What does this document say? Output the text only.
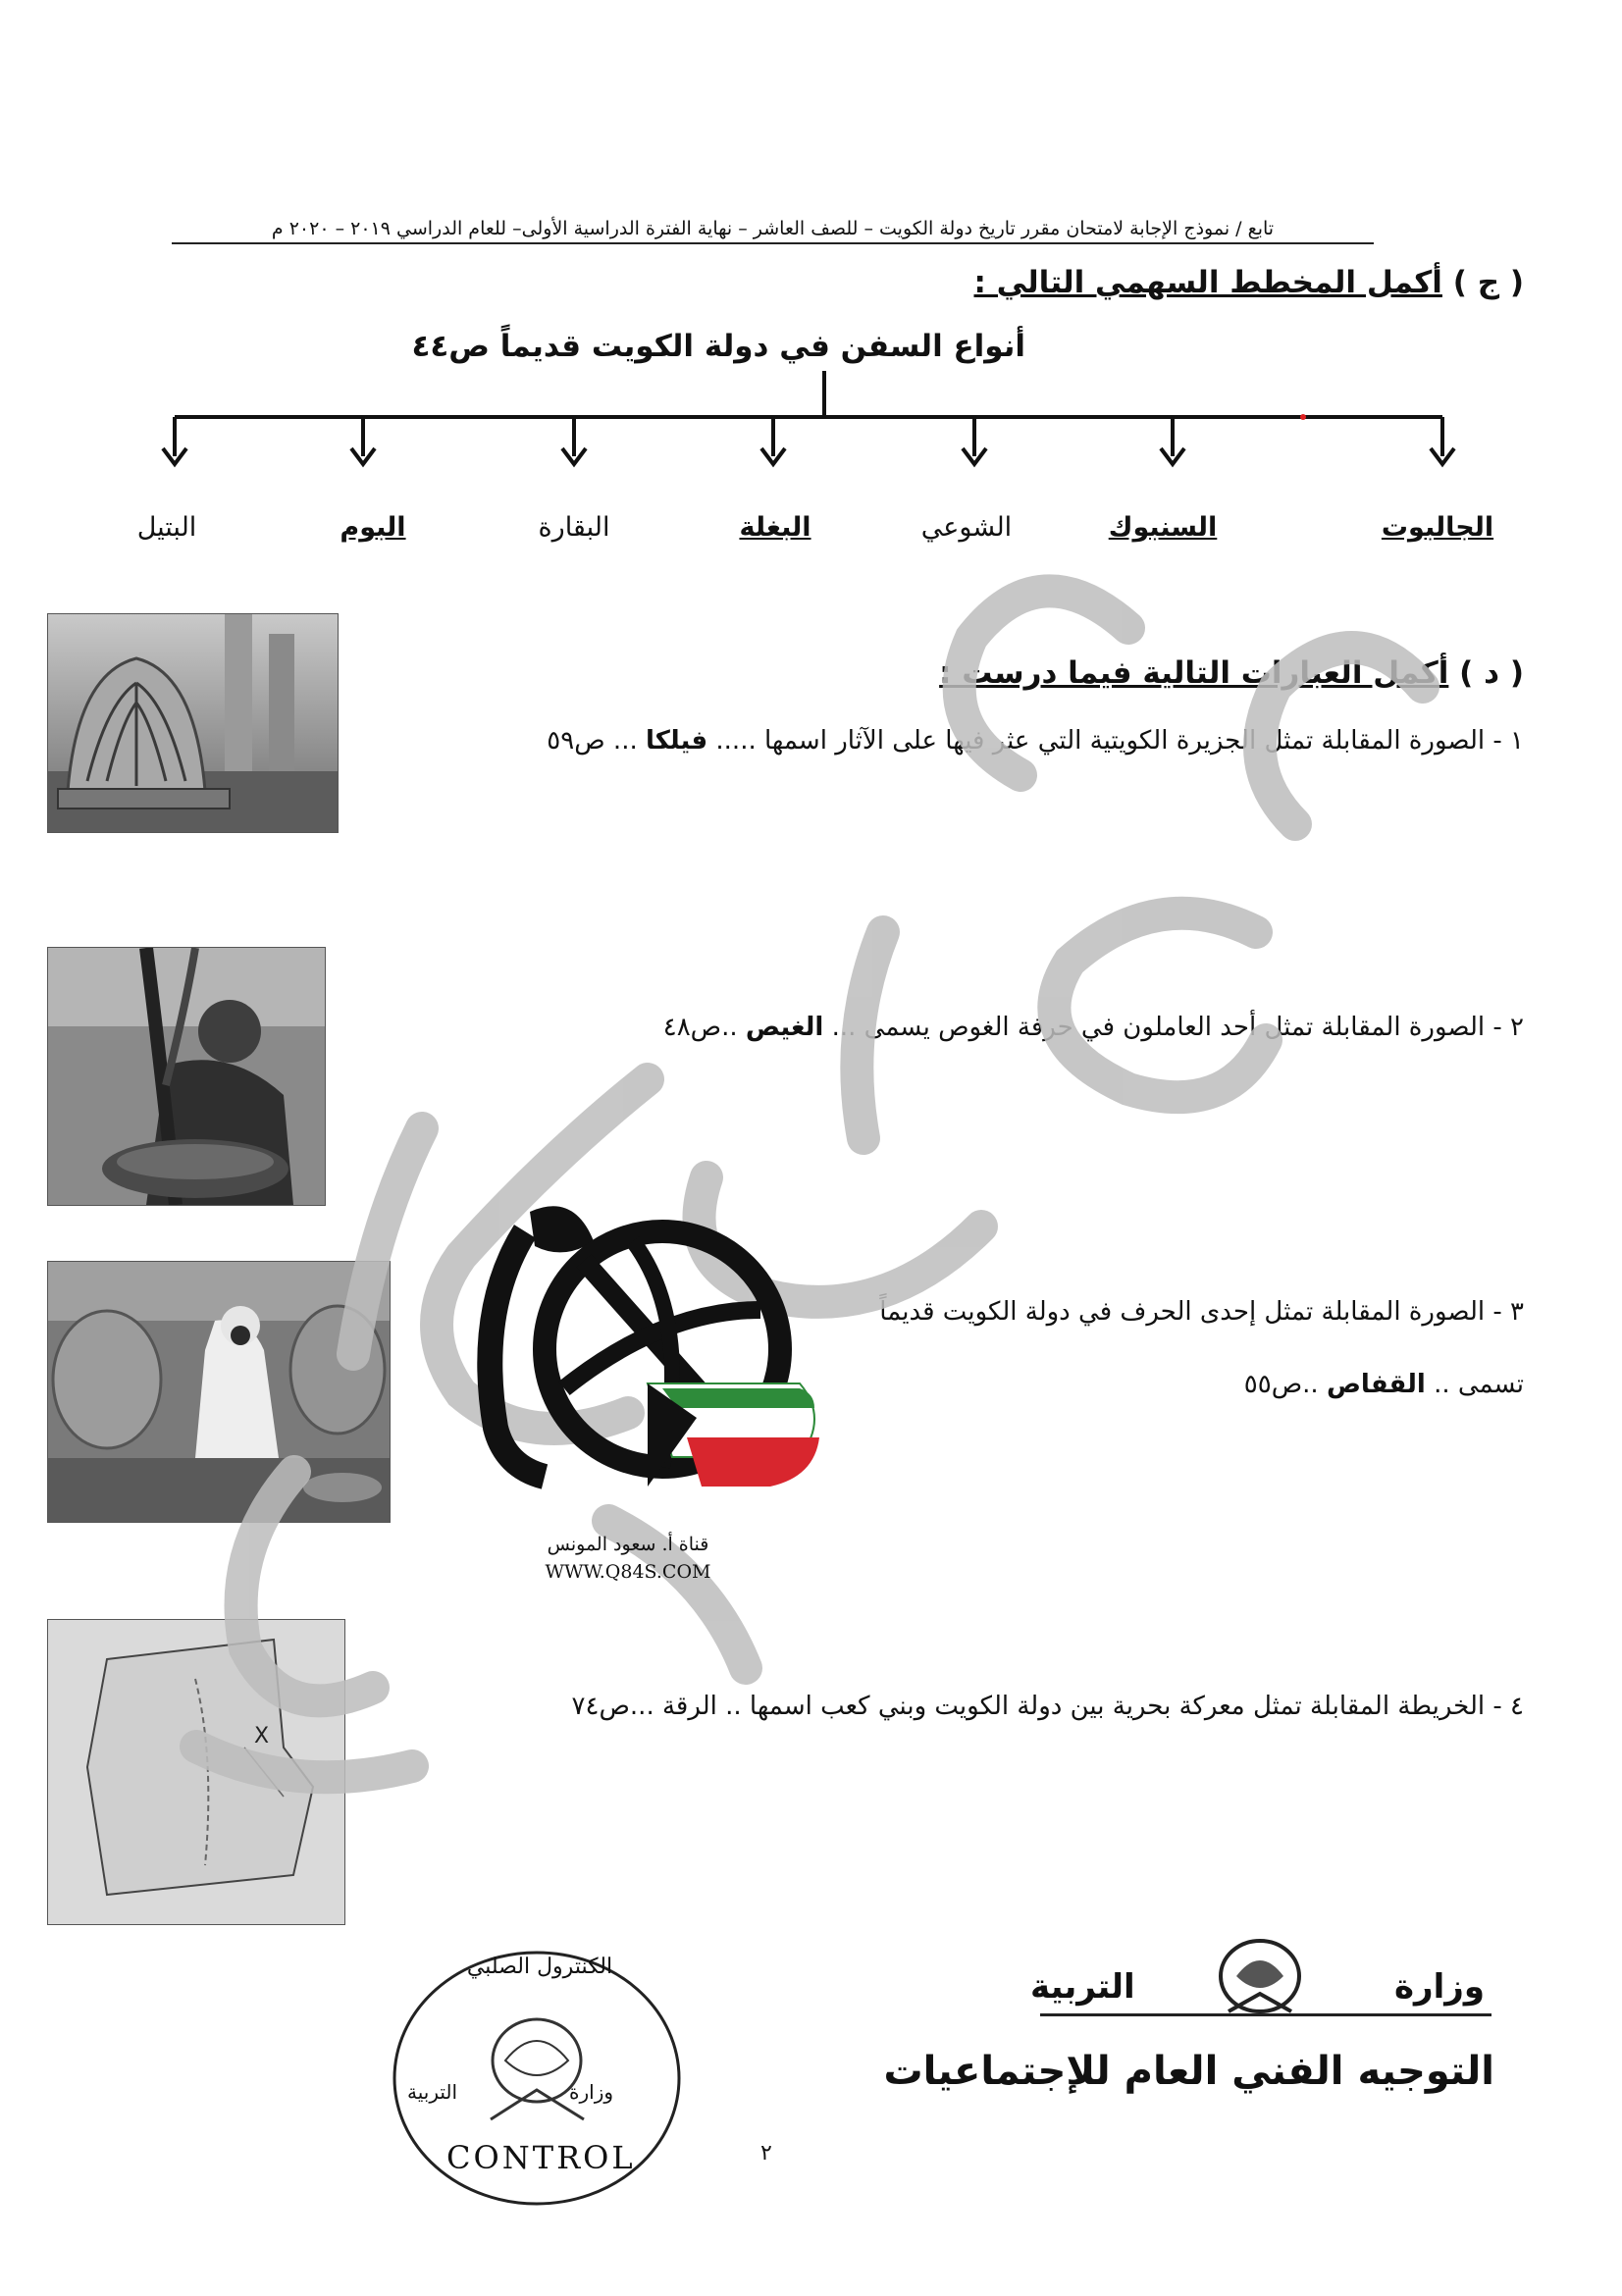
تابع / نموذج الإجابة لامتحان مقرر تاريخ دولة الكويت – للصف العاشر – نهاية الفترة الدراسية الأولى– للعام الدراسي ٢٠١٩ – ٢٠٢٠ م
( ج ) أكمل المخطط السهمي التالي :
أنواع السفن في دولة الكويت قديماً ص٤٤
الجالبوت
السنبوك
الشوعي
البغلة
البقارة
البوم
البتيل
( د ) أكمل العبارات التالية فيما درست :
X
١ - الصورة المقابلة تمثل الجزيرة الكويتية التي عثر فيها على الآثار اسمها ..... فيلكا ... ص٥٩
٢ - الصورة المقابلة تمثل أحد العاملون في حرفة الغوص يسمى ... الغيص ..ص٤٨
٣ - الصورة المقابلة تمثل إحدى الحرف في دولة الكويت قديماً
تسمى .. القفاص ..ص٥٥
٤ - الخريطة المقابلة تمثل معركة بحرية بين دولة الكويت وبني كعب اسمها .. الرقة ...ص٧٤
قناة أ. سعود المونس
WWW.Q84S.COM
الكنترول الصلبي
وزارة
التربية
CONTROL	٢
وزارة
التربية
التوجيه الفني العام للإجتماعيات
